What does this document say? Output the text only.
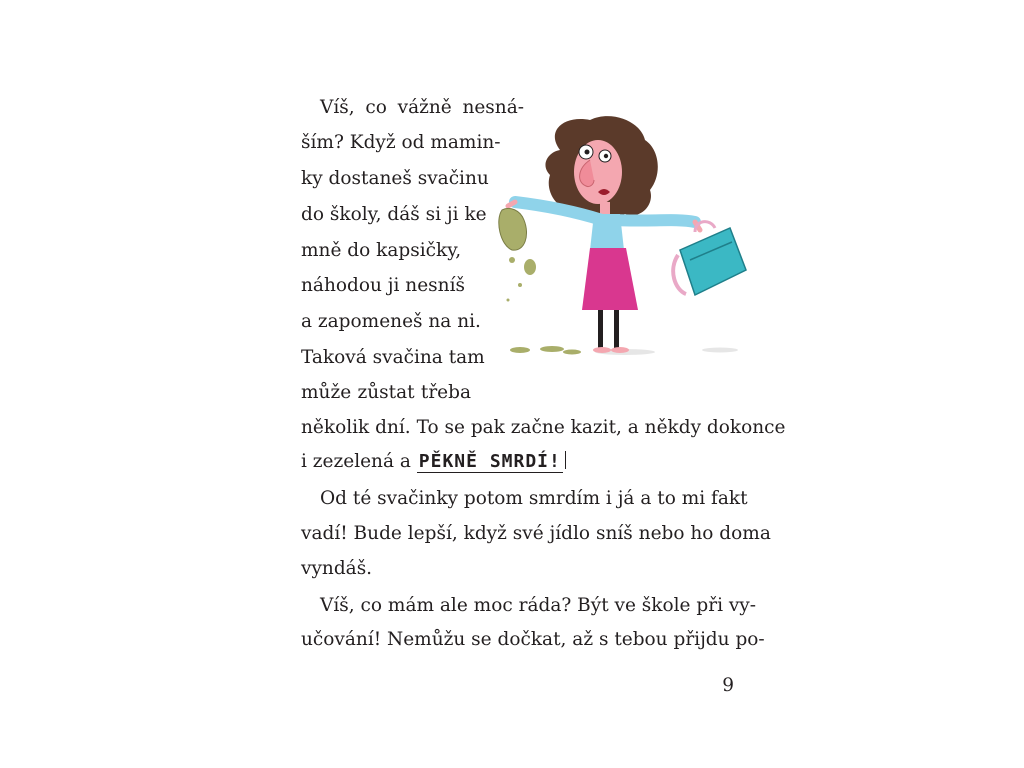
Víš, co vážně nesná-
ším? Když od mamin-
ky dostaneš svačinu
do školy, dáš si ji ke
mně do kapsičky,
náhodou ji nesníš
a zapomeneš na ni.
Taková svačina tam
může zůstat třeba
několik dní. To se pak začne kazit, a někdy dokonce
i zezelená a PĚKNĚ SMRDÍ!
Od té svačinky potom smrdím i já a to mi fakt
vadí! Bude lepší, když své jídlo sníš nebo ho doma
vyndáš.
Víš, co mám ale moc ráda? Být ve škole při vy-
učování! Nemůžu se dočkat, až s tebou přijdu po-
9
